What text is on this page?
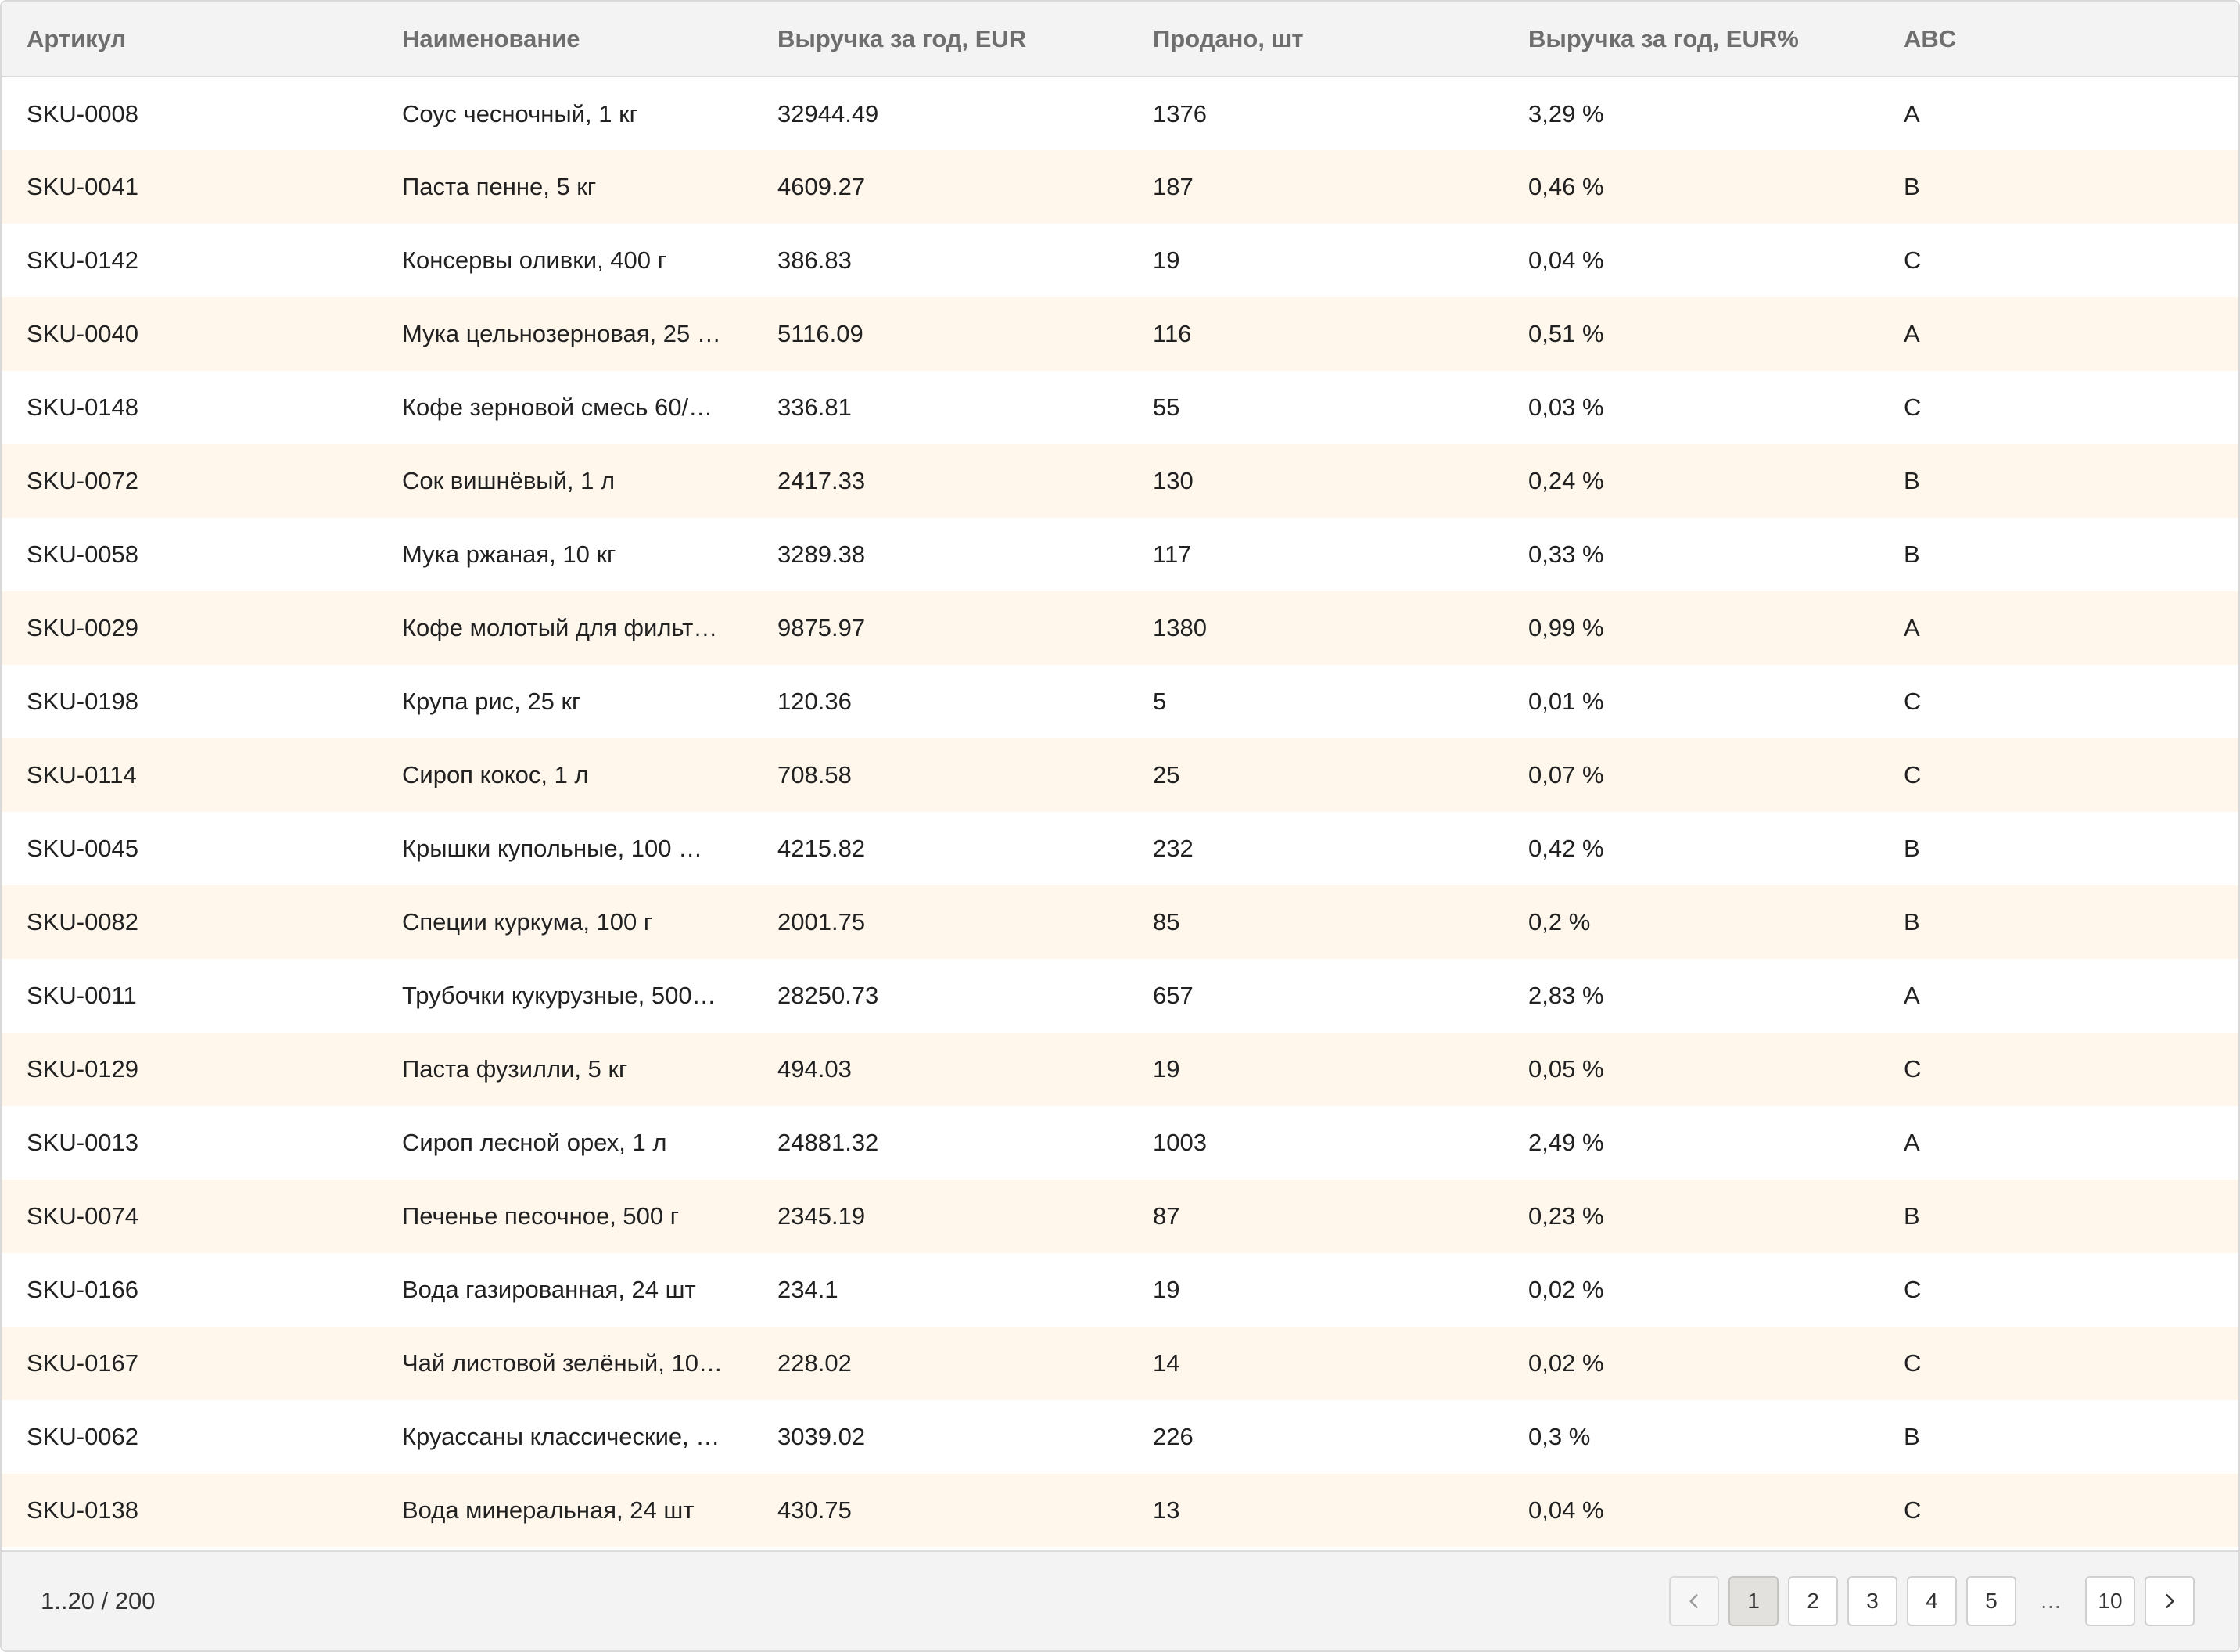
Артикул	Наименование	Выручка за год, EUR	Продано, шт	Выручка за год, EUR%	ABC
SKU-0008	Соус чесночный, 1 кг	32944.49	1376	3,29 %	A
SKU-0041	Паста пенне, 5 кг	4609.27	187	0,46 %	B
SKU-0142	Консервы оливки, 400 г	386.83	19	0,04 %	C
SKU-0040	Мука цельнозерновая, 25 …	5116.09	116	0,51 %	A
SKU-0148	Кофе зерновой смесь 60/…	336.81	55	0,03 %	C
SKU-0072	Сок вишнёвый, 1 л	2417.33	130	0,24 %	B
SKU-0058	Мука ржаная, 10 кг	3289.38	117	0,33 %	B
SKU-0029	Кофе молотый для фильт…	9875.97	1380	0,99 %	A
SKU-0198	Крупа рис, 25 кг	120.36	5	0,01 %	C
SKU-0114	Сироп кокос, 1 л	708.58	25	0,07 %	C
SKU-0045	Крышки купольные, 100 …	4215.82	232	0,42 %	B
SKU-0082	Специи куркума, 100 г	2001.75	85	0,2 %	B
SKU-0011	Трубочки кукурузные, 500…	28250.73	657	2,83 %	A
SKU-0129	Паста фузилли, 5 кг	494.03	19	0,05 %	C
SKU-0013	Сироп лесной орех, 1 л	24881.32	1003	2,49 %	A
SKU-0074	Печенье песочное, 500 г	2345.19	87	0,23 %	B
SKU-0166	Вода газированная, 24 шт	234.1	19	0,02 %	C
SKU-0167	Чай листовой зелёный, 10…	228.02	14	0,02 %	C
SKU-0062	Круассаны классические, …	3039.02	226	0,3 %	B
SKU-0138	Вода минеральная, 24 шт	430.75	13	0,04 %	C
1..20 / 200	1	2	3	4	5	…	10
